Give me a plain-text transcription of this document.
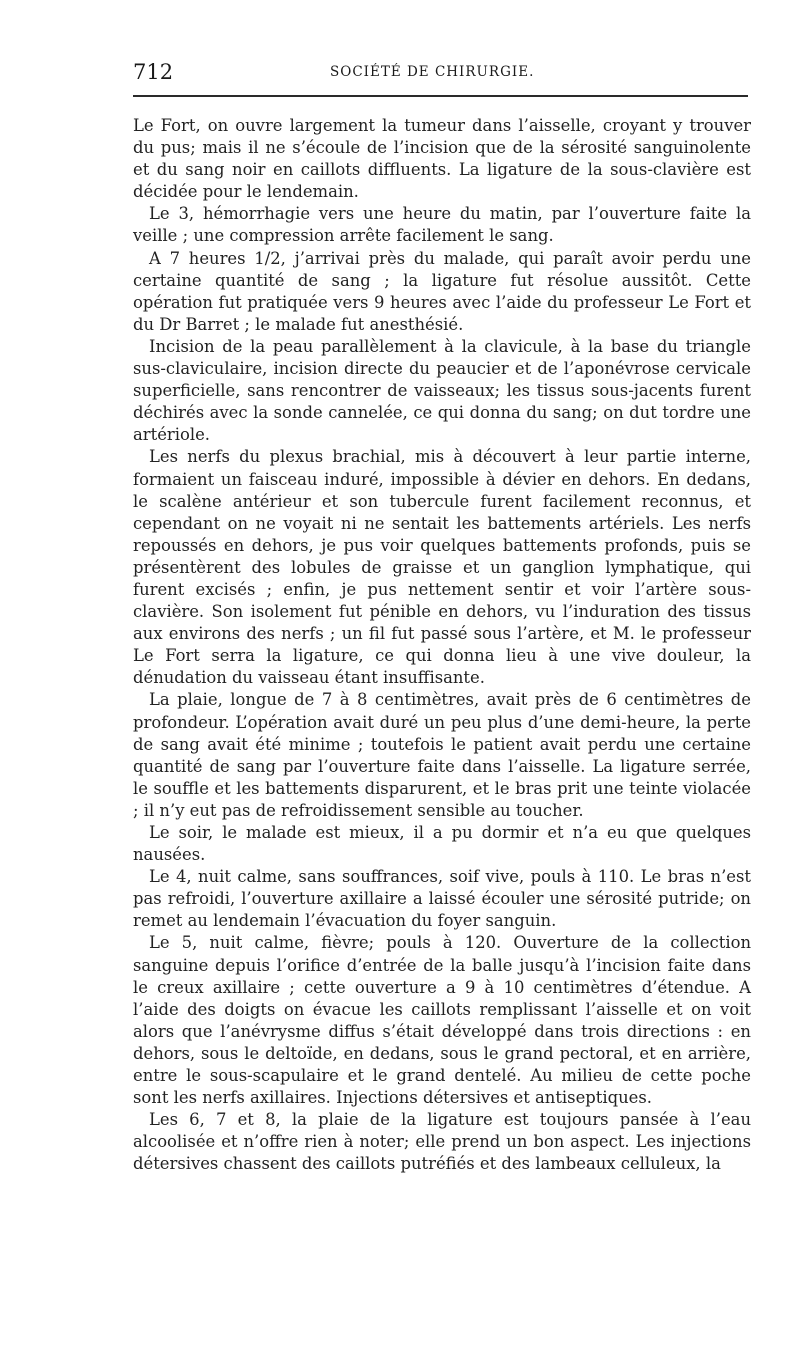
712	SOCIÉTÉ DE CHIRURGIE.

Le Fort, on ouvre largement la tumeur dans l’aisselle, croyant y trouver du pus; mais il ne s’écoule de l’incision que de la sérosité sanguinolente et du sang noir en caillots diffluents. La ligature de la sous-clavière est décidée pour le lendemain.

Le 3, hémorrhagie vers une heure du matin, par l’ouverture faite la veille ; une compression arrête facilement le sang.

A 7 heures 1/2, j’arrivai près du malade, qui paraît avoir perdu une certaine quantité de sang ; la ligature fut résolue aussitôt. Cette opération fut pratiquée vers 9 heures avec l’aide du professeur Le Fort et du Dr Barret ; le malade fut anesthésié.

Incision de la peau parallèlement à la clavicule, à la base du triangle sus-claviculaire, incision directe du peaucier et de l’aponévrose cervicale superficielle, sans rencontrer de vaisseaux; les tissus sous-jacents furent déchirés avec la sonde cannelée, ce qui donna du sang; on dut tordre une artériole.

Les nerfs du plexus brachial, mis à découvert à leur partie interne, formaient un faisceau induré, impossible à dévier en dehors. En dedans, le scalène antérieur et son tubercule furent facilement reconnus, et cependant on ne voyait ni ne sentait les battements artériels. Les nerfs repoussés en dehors, je pus voir quelques battements profonds, puis se présentèrent des lobules de graisse et un ganglion lymphatique, qui furent excisés ; enfin, je pus nettement sentir et voir l’artère sous-clavière. Son isolement fut pénible en dehors, vu l’induration des tissus aux environs des nerfs ; un fil fut passé sous l’artère, et M. le professeur Le Fort serra la ligature, ce qui donna lieu à une vive douleur, la dénudation du vaisseau étant insuffisante.

La plaie, longue de 7 à 8 centimètres, avait près de 6 centimètres de profondeur. L’opération avait duré un peu plus d’une demi-heure, la perte de sang avait été minime ; toutefois le patient avait perdu une certaine quantité de sang par l’ouverture faite dans l’aisselle. La ligature serrée, le souffle et les battements disparurent, et le bras prit une teinte violacée ; il n’y eut pas de refroidissement sensible au toucher.

Le soir, le malade est mieux, il a pu dormir et n’a eu que quelques nausées.

Le 4, nuit calme, sans souffrances, soif vive, pouls à 110. Le bras n’est pas refroidi, l’ouverture axillaire a laissé écouler une sérosité putride; on remet au lendemain l’évacuation du foyer sanguin.

Le 5, nuit calme, fièvre; pouls à 120. Ouverture de la collection sanguine depuis l’orifice d’entrée de la balle jusqu’à l’incision faite dans le creux axillaire ; cette ouverture a 9 à 10 centimètres d’étendue. A l’aide des doigts on évacue les caillots remplissant l’aisselle et on voit alors que l’anévrysme diffus s’était développé dans trois directions : en dehors, sous le deltoïde, en dedans, sous le grand pectoral, et en arrière, entre le sous-scapulaire et le grand dentelé. Au milieu de cette poche sont les nerfs axillaires. Injections détersives et antiseptiques.

Les 6, 7 et 8, la plaie de la ligature est toujours pansée à l’eau alcoolisée et n’offre rien à noter; elle prend un bon aspect. Les injections détersives chassent des caillots putréfiés et des lambeaux celluleux, la
